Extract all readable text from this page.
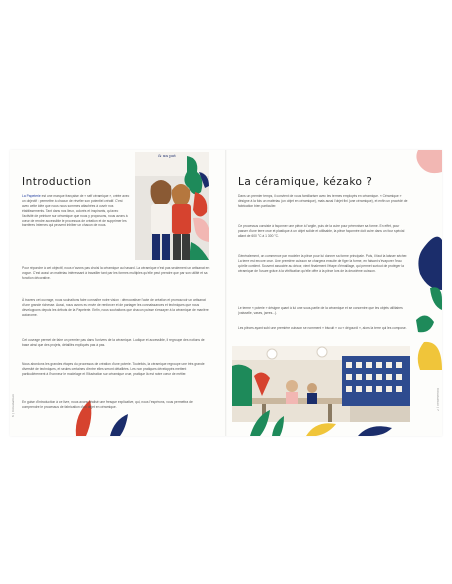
& un pot
Introduction

La Papeterie est une marque française de « self céramique », créée avec un objectif : permettre à chacun de révéler son potentiel créatif. C'est avec cette idée que nous nous sommes attachées à ouvrir nos établissements. Tant dans nos lieux, colorés et inspirants, qu'avec l'activité de peinture sur céramique que nous y proposons, nous avons à cœur de rendre accessible le processus de création et de supprimer les barrières Internes qui peuvent inhiber un chacun de nous.

Pour répondre à cet objectif, nous n'avons pas choisi la céramique au hasard. La céramique n'est pas seulement un artisanat en vogue. C'est aussi un matériau intéressant à travailler tant par les formes multiples qu'elle peut prendre que par son utilité et sa fonction décorative.

À travers cet ouvrage, nous souhaitons faire connaître notre vision : démocratiser l'acte de création et promouvoir un artisanat d'une grande richesse. Aussi, nous avons eu envie de renforcer et de partager les connaissances et techniques que nous développons depuis les débuts de la Papeterie. Enfin, nous souhaitons que chacun puisse s'essayer à la céramique de manière autonome.

Cet ouvrage permet de faire un premier pas dans l'univers de la céramique. Ludique et accessible, il regroupe des notions de base ainsi que des projets, détaillés expliqués pas à pas.

Nous abordons les grandes étapes du processus de création d'une poterie. Toutefois, la céramique regroupe une très grande diversité de techniques, et seules certaines d'entre elles seront détaillées. Les non pratiques développés mettent particulièrement à l'honneur le modelage et l'illustration sur céramique crue, pratique là est notre cœur de métier.

En guise d'introduction à ce livre, nous avons réalisé une fresque explicative, qui, nous l'espérons, vous permettra de comprendre le processus de fabrication d'un objet en céramique.

6 | Introduction
La céramique, kézako ?

Dans un premier temps, il convient de vous familiariser avec les termes employés en céramique. « Céramique » désigne à la fois un matériau (un objet en céramique), mais aussi l'objet fini (une céramique), et enfin un procédé de fabrication bien particulier.

Ce processus consiste à façonner une pièce à l'argile, puis de la cuire pour pérenniser sa forme. En effet, pour passer d'une terre crue et plastique à un objet solide et utilisable, la pièce façonnée doit cuire dans un four spécial allant de 600 °C à 1 300 °C.

Généralement, on commence par modeler la pièce pour lui donner sa forme principale. Puis, il faut la laisser sécher. La terre est encore crue. Une première cuisson se chargera ensuite de figer la forme, en faisant s'évaporer l'eau qu'elle contient. Souvent associée au décor, vient finalement l'étape d'émaillage, qui permet surtout de protéger la céramique de l'usure grâce à la vitrification qu'elle offre à la pièce lors de la deuxième cuisson.

Le terme « poterie » désigne quant à lui une sous-partie de la céramique et se concentre que les objets utilitaires (vaisselle, vases, jarres...).

Les pièces ayant subi une première cuisson se nomment « biscuit » ou « dégourdi », alors la terre qui les compose.

Introduction | 7
